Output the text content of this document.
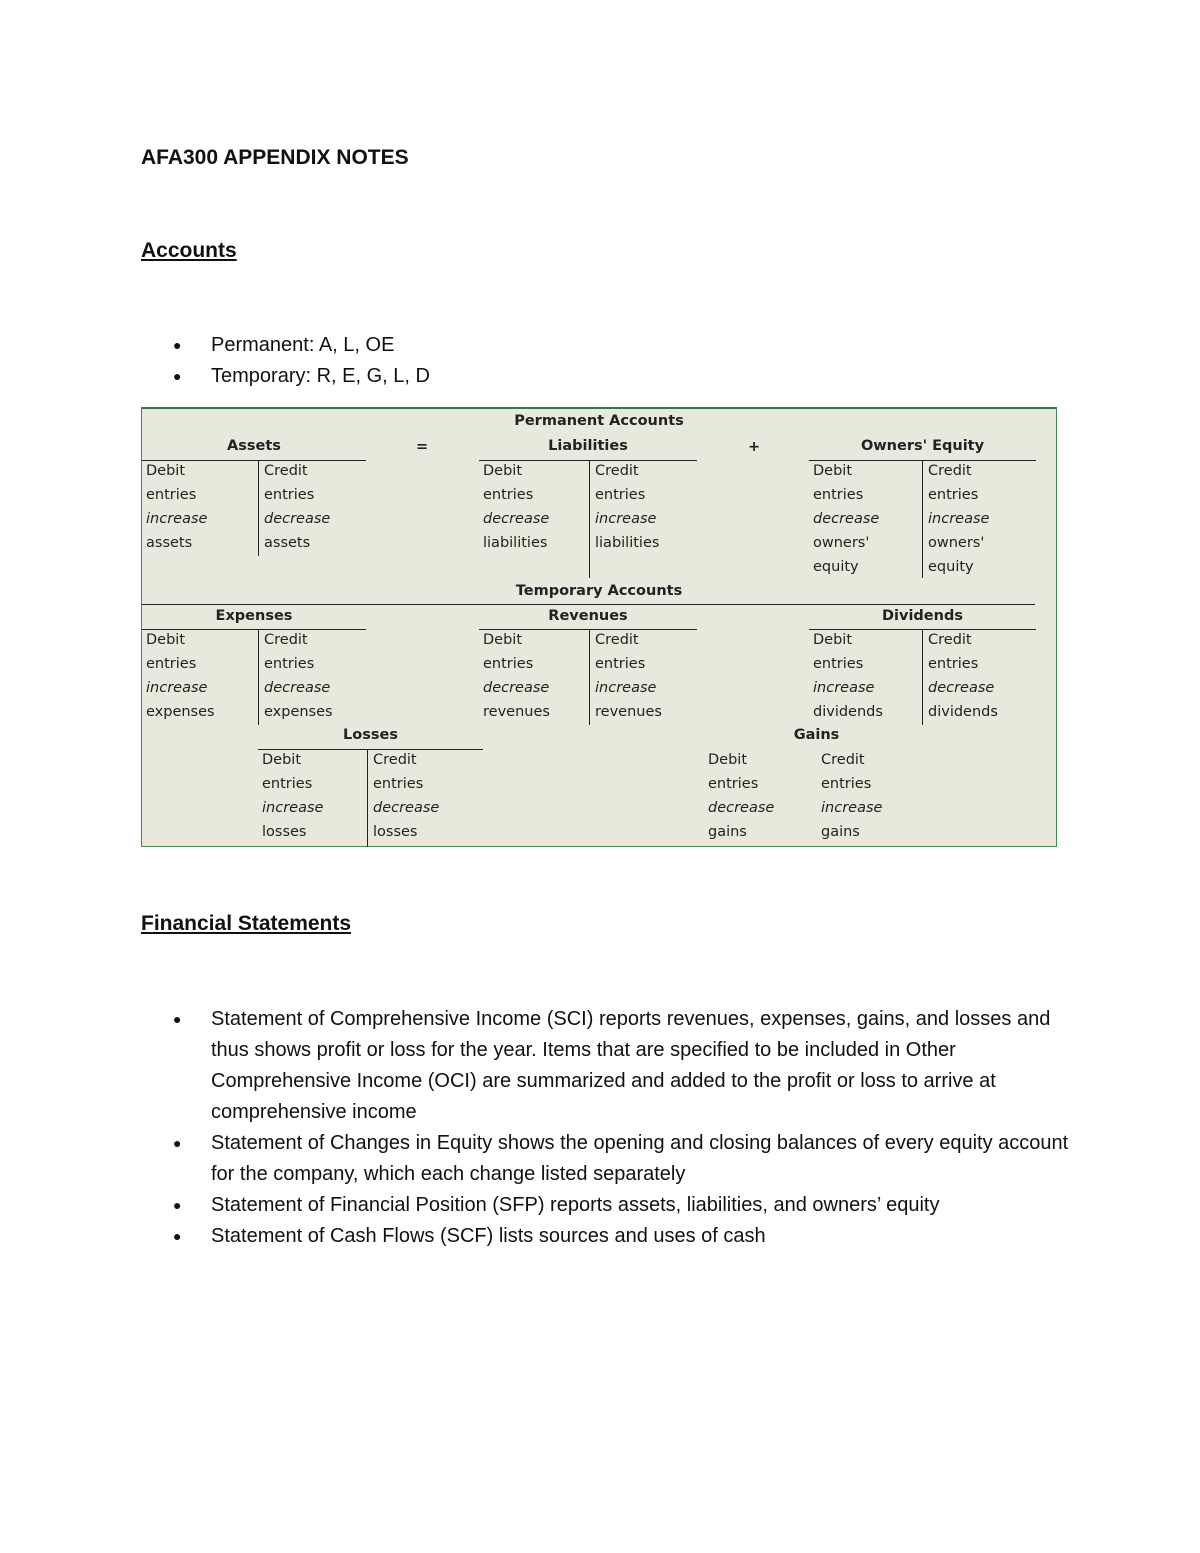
AFA300 APPENDIX NOTES
Accounts
● Permanent: A, L, OE
● Temporary: R, E, G, L, D
Permanent Accounts
=	+
Temporary Accounts
Assets
Debit
entries
increase
assets
Credit
entries
decrease
assets
Liabilities
Debit
entries
decrease
liabilities
Credit
entries
increase
liabilities
Owners' Equity
Debit
entries
decrease
owners'
equity
Credit
entries
increase
owners'
equity
Expenses
Debit
entries
increase
expenses
Credit
entries
decrease
expenses
Revenues
Debit
entries
decrease
revenues
Credit
entries
increase
revenues
Dividends
Debit
entries
increase
dividends
Credit
entries
decrease
dividends
Losses
Debit
entries
increase
losses
Credit
entries
decrease
losses
Gains
Debit
entries
decrease
gains
Credit
entries
increase
gains
Financial Statements
● Statement of Comprehensive Income (SCI) reports revenues, expenses, gains, and losses and thus shows profit or loss for the year. Items that are specified to be included in Other Comprehensive Income (OCI) are summarized and added to the profit or loss to arrive at comprehensive income
● Statement of Changes in Equity shows the opening and closing balances of every equity account for the company, which each change listed separately
● Statement of Financial Position (SFP) reports assets, liabilities, and owners’ equity
● Statement of Cash Flows (SCF) lists sources and uses of cash
